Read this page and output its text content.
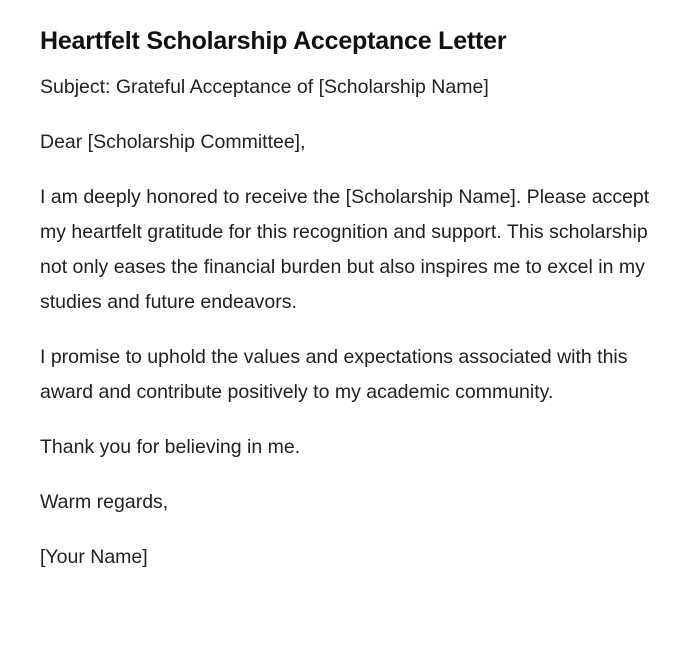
Heartfelt Scholarship Acceptance Letter

Subject: Grateful Acceptance of [Scholarship Name]

Dear [Scholarship Committee],

I am deeply honored to receive the [Scholarship Name]. Please accept my heartfelt gratitude for this recognition and support. This scholarship not only eases the financial burden but also inspires me to excel in my studies and future endeavors.

I promise to uphold the values and expectations associated with this award and contribute positively to my academic community.

Thank you for believing in me.

Warm regards,

[Your Name]
